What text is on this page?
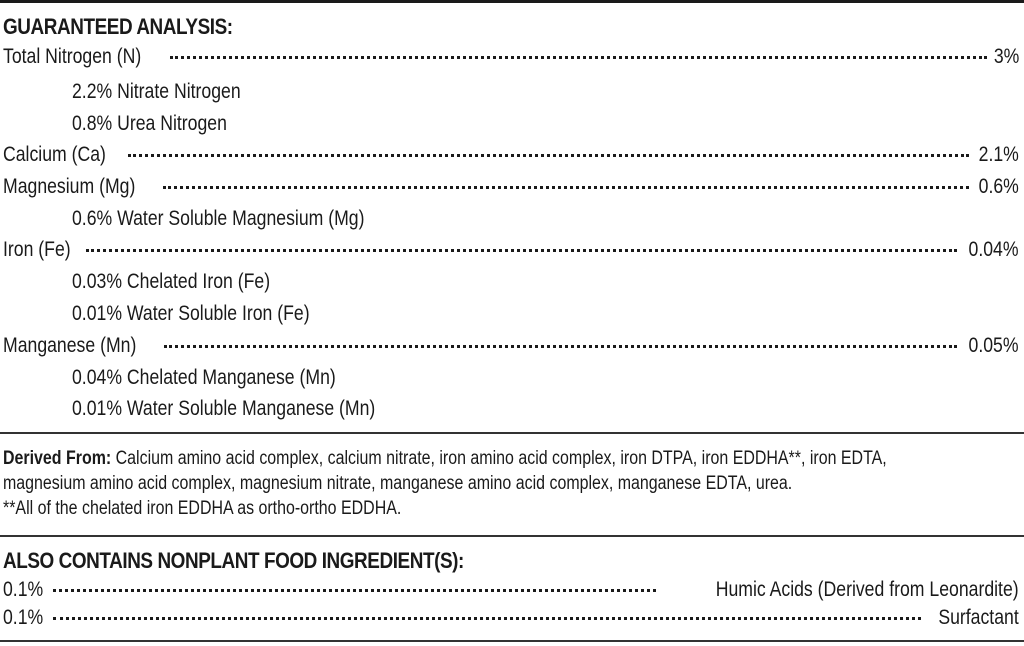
GUARANTEED ANALYSIS:
Total Nitrogen (N)	3%
2.2% Nitrate Nitrogen
0.8% Urea Nitrogen
Calcium (Ca)	2.1%
Magnesium (Mg)	0.6%
0.6% Water Soluble Magnesium (Mg)
Iron (Fe)	0.04%
0.03% Chelated Iron (Fe)
0.01% Water Soluble Iron (Fe)
Manganese (Mn)	0.05%
0.04% Chelated Manganese (Mn)
0.01% Water Soluble Manganese (Mn)
Derived From: Calcium amino acid complex, calcium nitrate, iron amino acid complex, iron DTPA, iron EDDHA**, iron EDTA,
magnesium amino acid complex, magnesium nitrate, manganese amino acid complex, manganese EDTA, urea.
**All of the chelated iron EDDHA as ortho-ortho EDDHA.
ALSO CONTAINS NONPLANT FOOD INGREDIENT(S):
0.1%	Humic Acids (Derived from Leonardite)
0.1%	Surfactant
